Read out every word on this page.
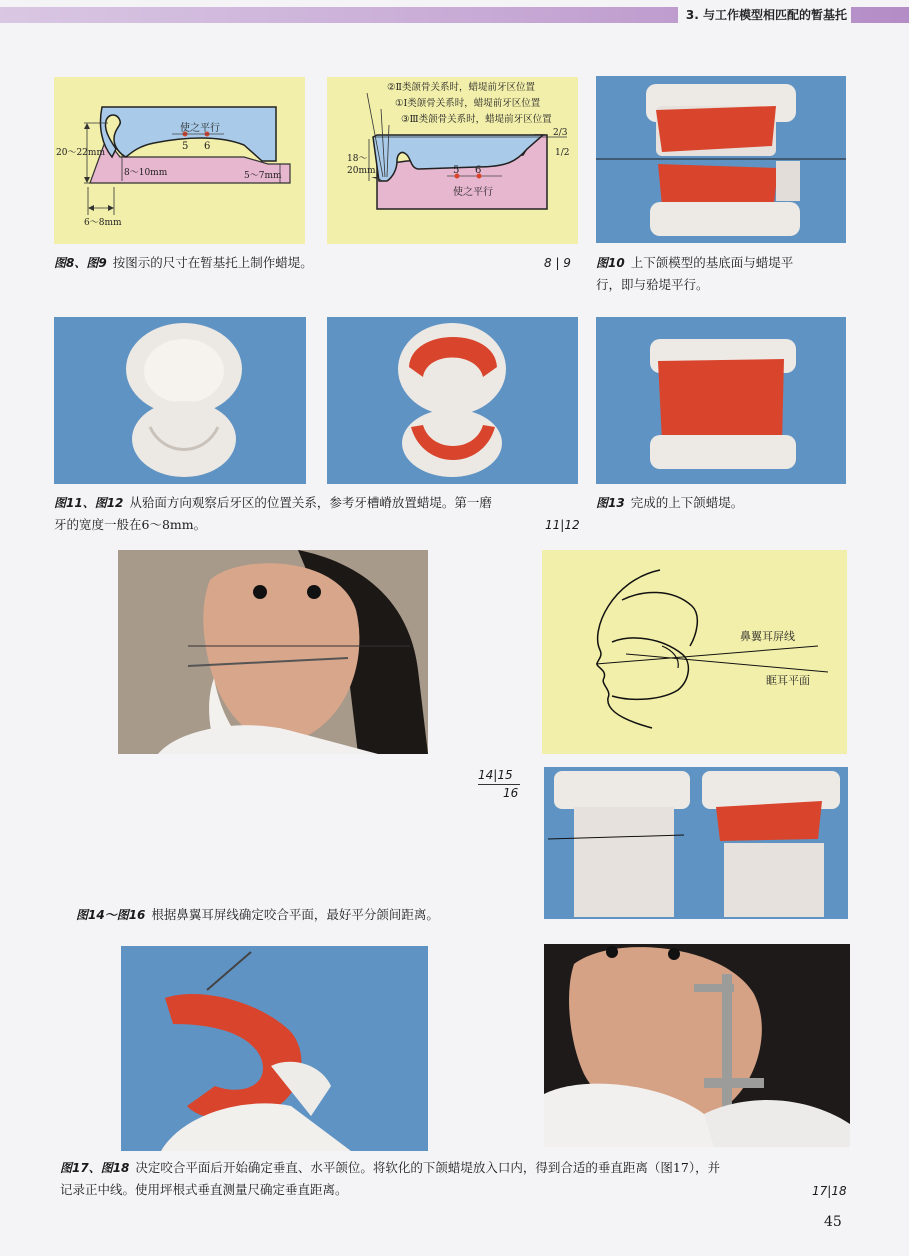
3. 与工作模型相匹配的暂基托
20～22mm
8～10mm	5～7mm
6～8mm
使之平行
5 6
②Ⅱ类颌骨关系时，蜡堤前牙区位置
①Ⅰ类颌骨关系时，蜡堤前牙区位置
③Ⅲ类颌骨关系时，蜡堤前牙区位置
18～
20mm
2/3
1/2
5 6
使之平行
图8、图9 按图示的尺寸在暂基托上制作蜡堤。	8 | 9 图10 上下颌模型的基底面与蜡堤平
行，即与𬌗堤平行。
图11、图12 从𬌗面方向观察后牙区的位置关系，参考牙槽嵴放置蜡堤。第一磨
牙的宽度一般在6～8mm。	11|12
图13 完成的上下颌蜡堤。
鼻翼耳屏线
眶耳平面
14|15
16
图14～图16 根据鼻翼耳屏线确定咬合平面，最好平分颌间距离。
图17、图18 决定咬合平面后开始确定垂直、水平颌位。将软化的下颌蜡堤放入口内，得到合适的垂直距离（图17），并
记录正中线。使用坪根式垂直测量尺确定垂直距离。	17|18
45
